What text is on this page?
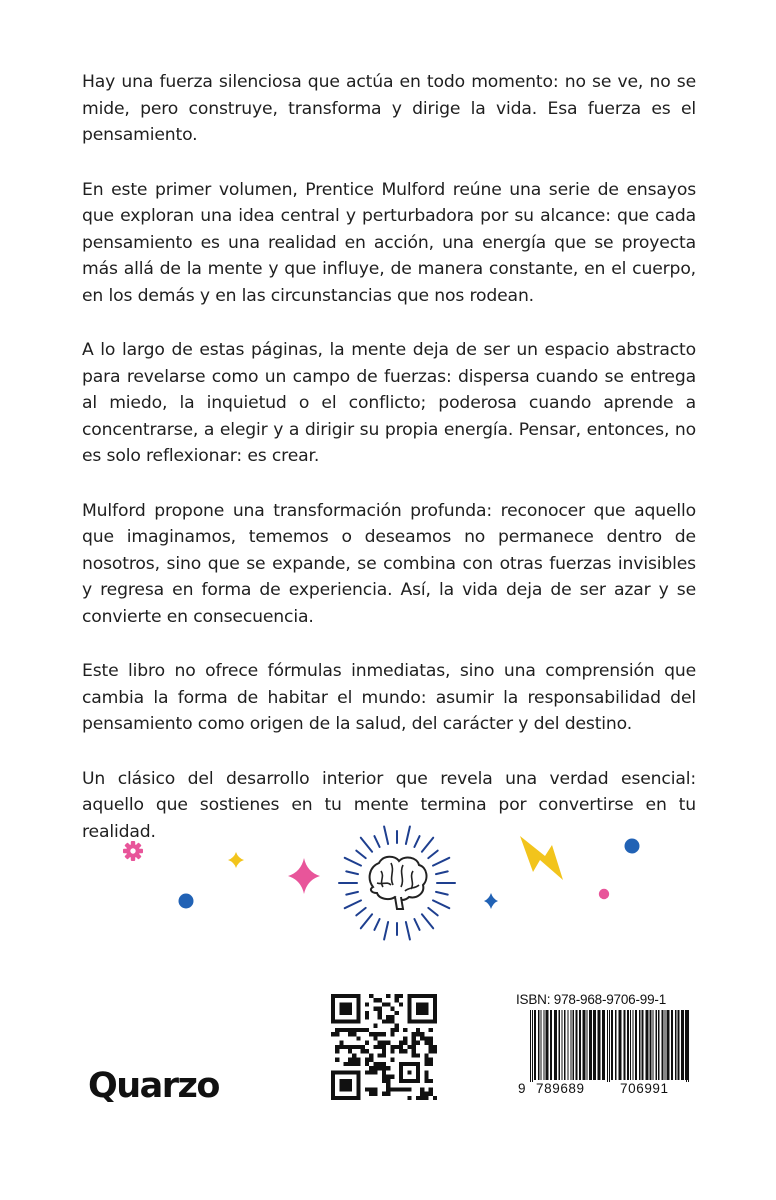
Hay una fuerza silenciosa que actúa en todo momento: no se ve, no se mide, pero construye, transforma y dirige la vida. Esa fuerza es el pensamiento.

En este primer volumen, Prentice Mulford reúne una serie de ensayos que exploran una idea central y perturbadora por su alcance: que cada pensamiento es una realidad en acción, una energía que se proyecta más allá de la mente y que influye, de manera constante, en el cuerpo, en los demás y en las circunstancias que nos rodean.

A lo largo de estas páginas, la mente deja de ser un espacio abstracto para revelarse como un campo de fuerzas: dispersa cuando se entrega al miedo, la inquietud o el conflicto; poderosa cuando aprende a concentrarse, a elegir y a dirigir su propia energía. Pensar, entonces, no es solo reflexionar: es crear.

Mulford propone una transformación profunda: reconocer que aquello que imaginamos, tememos o deseamos no permanece dentro de nosotros, sino que se expande, se combina con otras fuerzas invisibles y regresa en forma de experiencia. Así, la vida deja de ser azar y se convierte en consecuencia.

Este libro no ofrece fórmulas inmediatas, sino una comprensión que cambia la forma de habitar el mundo: asumir la responsabilidad del pensamiento como origen de la salud, del carácter y del destino.

Un clásico del desarrollo interior que revela una verdad esencial: aquello que sostienes en tu mente termina por convertirse en tu realidad.

ISBN: 978-968-9706-99-1
9 789689	706991
Quarzo
